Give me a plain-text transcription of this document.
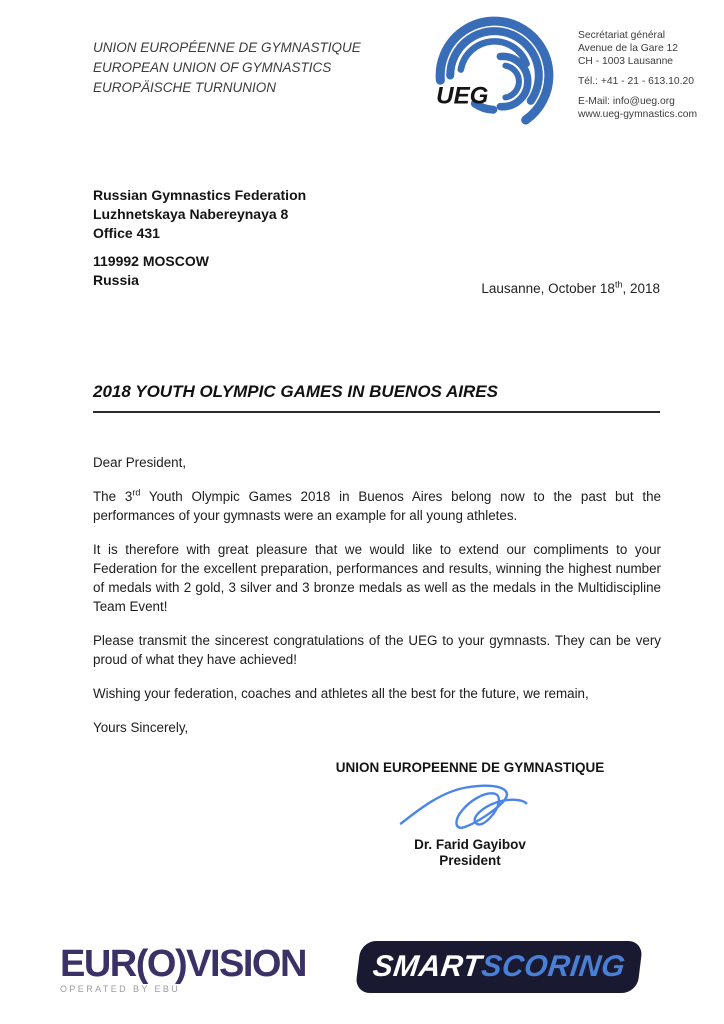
UNION EUROPÉENNE DE GYMNASTIQUE
EUROPEAN UNION OF GYMNASTICS
EUROPÄISCHE TURNUNION	UEG
Secrétariat général
Avenue de la Gare 12
CH - 1003 Lausanne
Tél.: +41 - 21 - 613.10.20
E-Mail: info@ueg.org
www.ueg-gymnastics.com
Russian Gymnastics Federation
Luzhnetskaya Nabereynaya 8
Office 431
119992 MOSCOW
Russia
Lausanne, October 18th, 2018
2018 YOUTH OLYMPIC GAMES IN BUENOS AIRES

Dear President,

The 3rd Youth Olympic Games 2018 in Buenos Aires belong now to the past but the performances of your gymnasts were an example for all young athletes.

It is therefore with great pleasure that we would like to extend our compliments to your Federation for the excellent preparation, performances and results, winning the highest number of medals with 2 gold, 3 silver and 3 bronze medals as well as the medals in the Multidiscipline Team Event!

Please transmit the sincerest congratulations of the UEG to your gymnasts. They can be very proud of what they have achieved!

Wishing your federation, coaches and athletes all the best for the future, we remain,

Yours Sincerely,

UNION EUROPEENNE DE GYMNASTIQUE
Dr. Farid Gayibov
President
EUR(O)VISION
OPERATED BY EBU
SMARTSCORING
